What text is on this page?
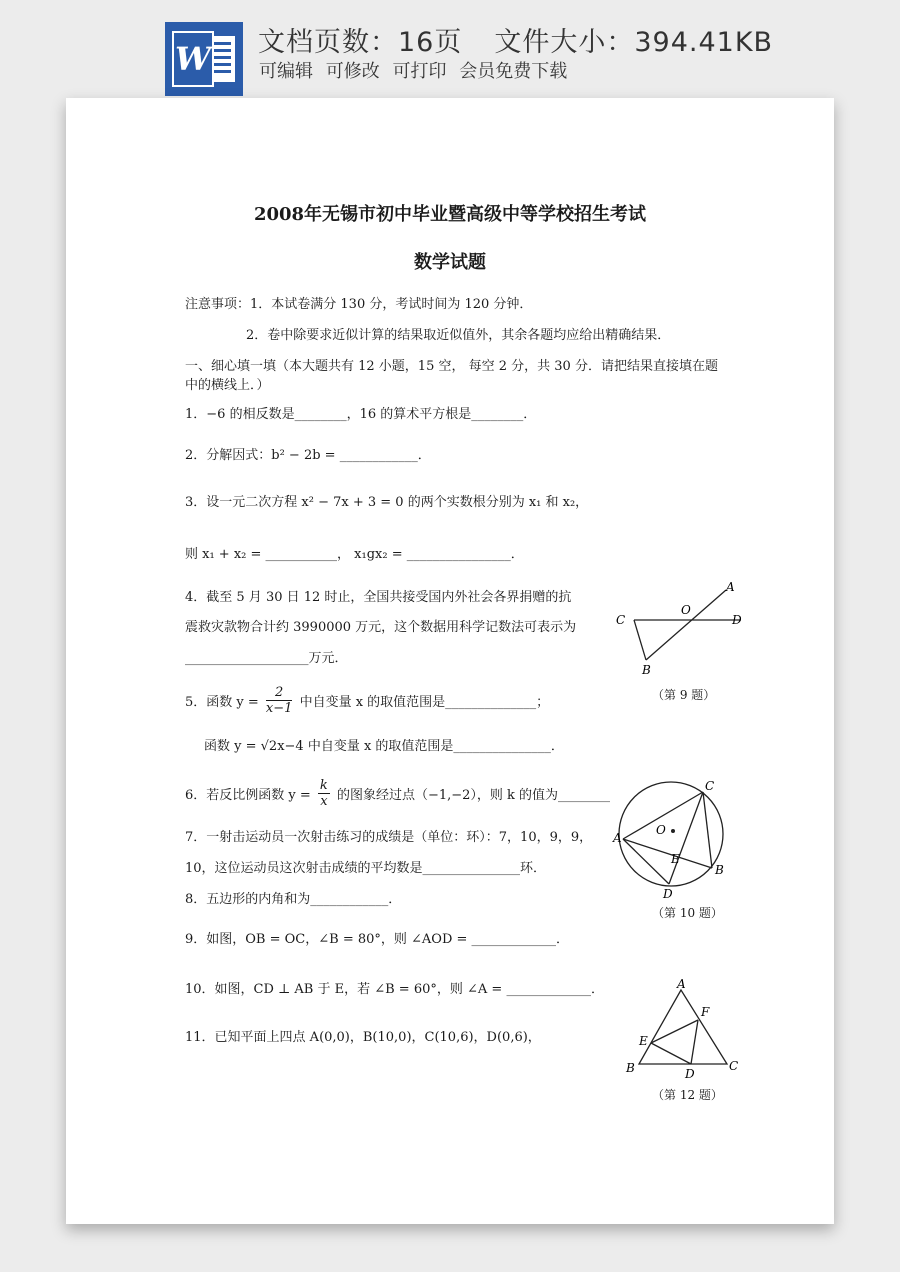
W 文档页数：16页 文件大小：394.41KB
可编辑 可修改 可打印 会员免费下载
2008年无锡市初中毕业暨高级中等学校招生考试
数学试题
注意事项：1．本试卷满分 130 分，考试时间为 120 分钟．
2．卷中除要求近似计算的结果取近似值外，其余各题均应给出精确结果．
一、细心填一填（本大题共有 12 小题，15 空， 每空 2 分，共 30 分．请把结果直接填在题
中的横线上．）
1．−6 的相反数是________，16 的算术平方根是________．
2．分解因式：b² − 2b = ____________．
3．设一元二次方程 x² − 7x + 3 = 0 的两个实数根分别为 x₁ 和 x₂，
则 x₁ + x₂ = ___________， x₁gx₂ = ________________．
4．截至 5 月 30 日 12 时止，全国共接受国内外社会各界捐赠的抗
震救灾款物合计约 3990000 万元，这个数据用科学记数法可表示为
___________________万元．
5．函数 $y = \frac{2}{x-1}$ 中自变量 x 的取值范围是______________；
函数 y = √2x−4 中自变量 x 的取值范围是_______________．
6．若反比例函数 $y = \frac{k}{x}$ 的图象经过点（−1,−2），则 k 的值为________
7．一射击运动员一次射击练习的成绩是（单位：环）：7，10，9，9，
10，这位运动员这次射击成绩的平均数是_______________环．
8．五边形的内角和为____________．
9．如图，OB = OC，∠B = 80°，则 ∠AOD = _____________．
10．如图，CD ⊥ AB 于 E，若 ∠B = 60°，则 ∠A = _____________．
11．已知平面上四点 A(0,0)，B(10,0)，C(10,6)，D(0,6)，
A
O
C	D
B
（第 9 题）
C
O
A
E
B
D
（第 10 题）
A
F
E
B	D
C
（第 12 题）
